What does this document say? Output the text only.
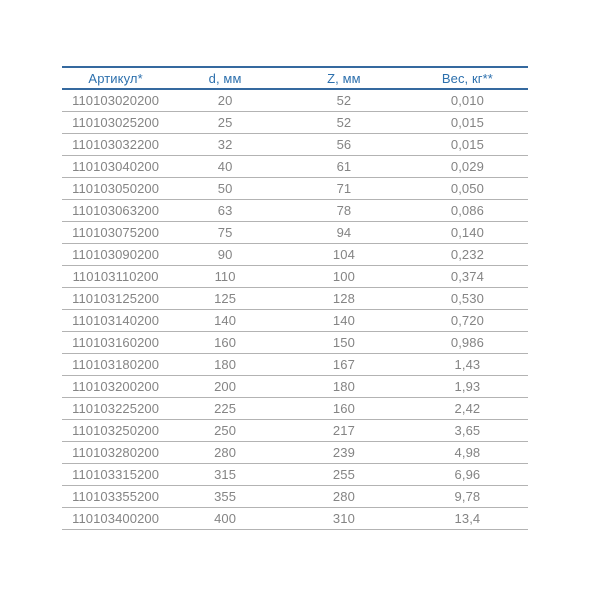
Артикул*	d, мм	Z, мм	Вес, кг**
110103020200	20	52	0,010
110103025200	25	52	0,015
110103032200	32	56	0,015
110103040200	40	61	0,029
110103050200	50	71	0,050
110103063200	63	78	0,086
110103075200	75	94	0,140
110103090200	90	104	0,232
110103110200	110	100	0,374
110103125200	125	128	0,530
110103140200	140	140	0,720
110103160200	160	150	0,986
110103180200	180	167	1,43
110103200200	200	180	1,93
110103225200	225	160	2,42
110103250200	250	217	3,65
110103280200	280	239	4,98
110103315200	315	255	6,96
110103355200	355	280	9,78
110103400200	400	310	13,4
